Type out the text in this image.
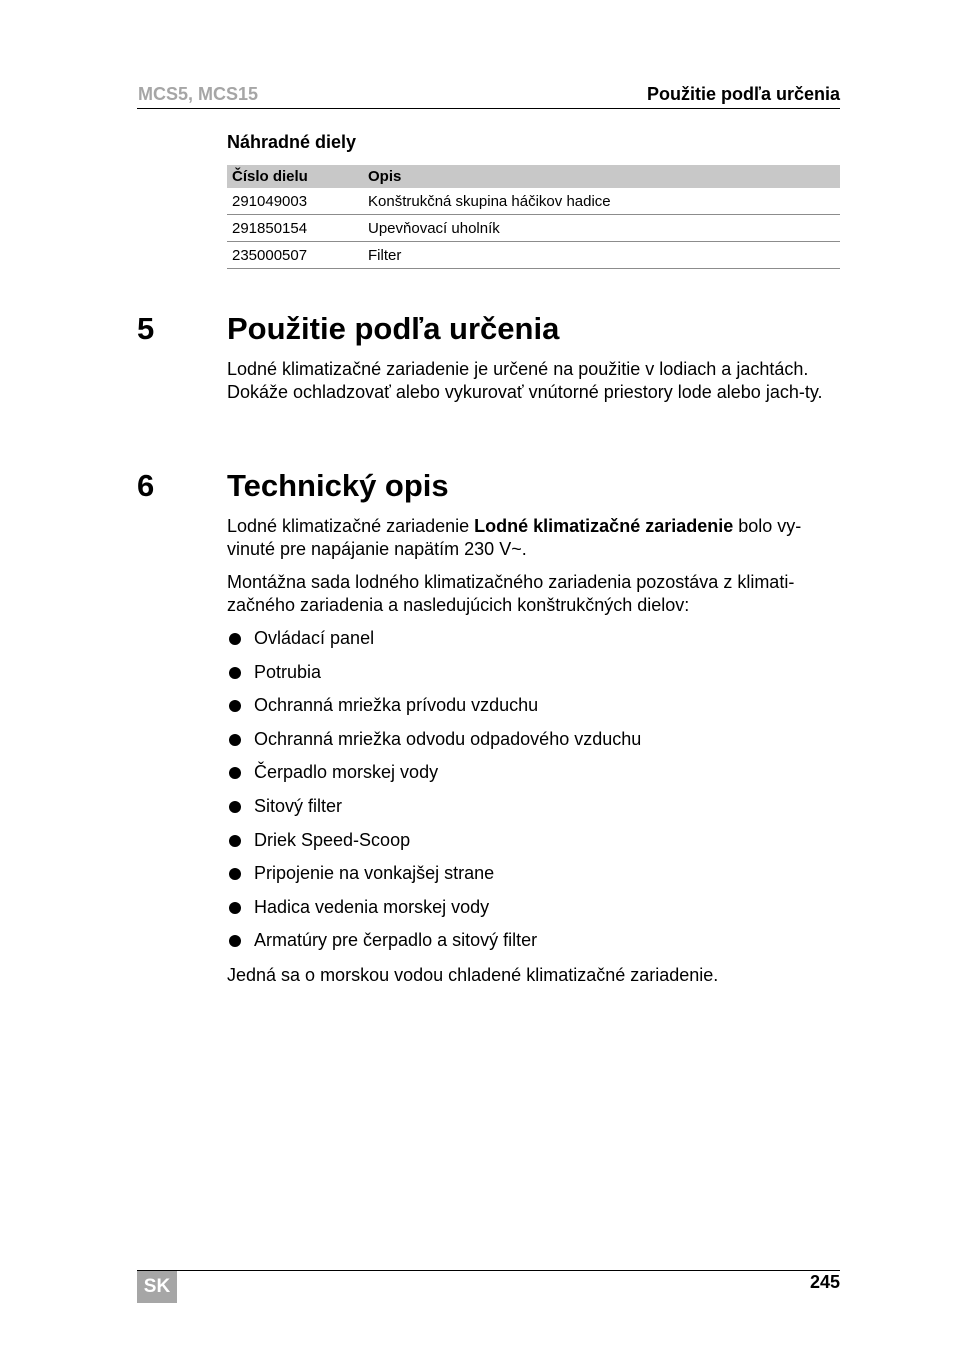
MCS5, MCS15	Použitie podľa určenia
Náhradné diely
Číslo dielu	Opis
291049003	Konštrukčná skupina háčikov hadice
291850154	Upevňovací uholník
235000507	Filter
5 Použitie podľa určenia

Lodné klimatizačné zariadenie je určené na použitie v lodiach a jachtách. Dokáže ochladzovať alebo vykurovať vnútorné priestory lode alebo jach-ty.

6 Technický opis

Lodné klimatizačné zariadenie Lodné klimatizačné zariadenie bolo vy-vinuté pre napájanie napätím 230 V~.

Montážna sada lodného klimatizačného zariadenia pozostáva z klimati-začného zariadenia a nasledujúcich konštrukčných dielov:

Ovládací panel
Potrubia
Ochranná mriežka prívodu vzduchu
Ochranná mriežka odvodu odpadového vzduchu
Čerpadlo morskej vody
Sitový filter
Driek Speed-Scoop
Pripojenie na vonkajšej strane
Hadica vedenia morskej vody
Armatúry pre čerpadlo a sitový filter

Jedná sa o morskou vodou chladené klimatizačné zariadenie.

SK	245
